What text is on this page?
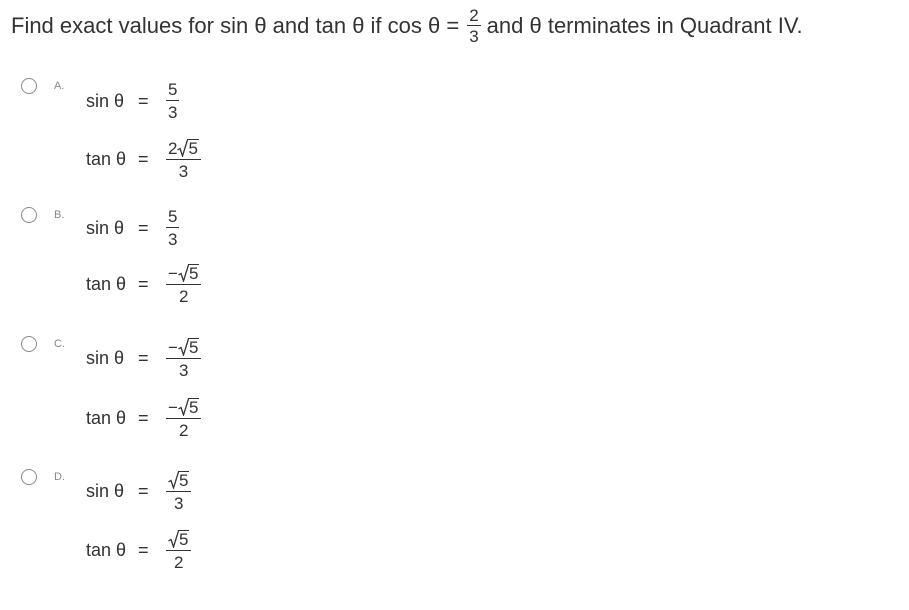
Find exact values for sin θ and tan θ if $\cos \theta = \frac{2}{3}$ and θ terminates in Quadrant IV.
A.
sin θ =	$\frac{5}{3}$
tan θ =	$\frac{2 5}{3}$
B.
sin θ =	$\frac{5}{3}$
tan θ =	$\frac{- 5}{2}$
C.
sin θ =	$\frac{- 5}{3}$
tan θ =	$\frac{- 5}{2}$
D.
sin θ =	$\frac{5}{3}$
tan θ =	$\frac{5}{2}$
